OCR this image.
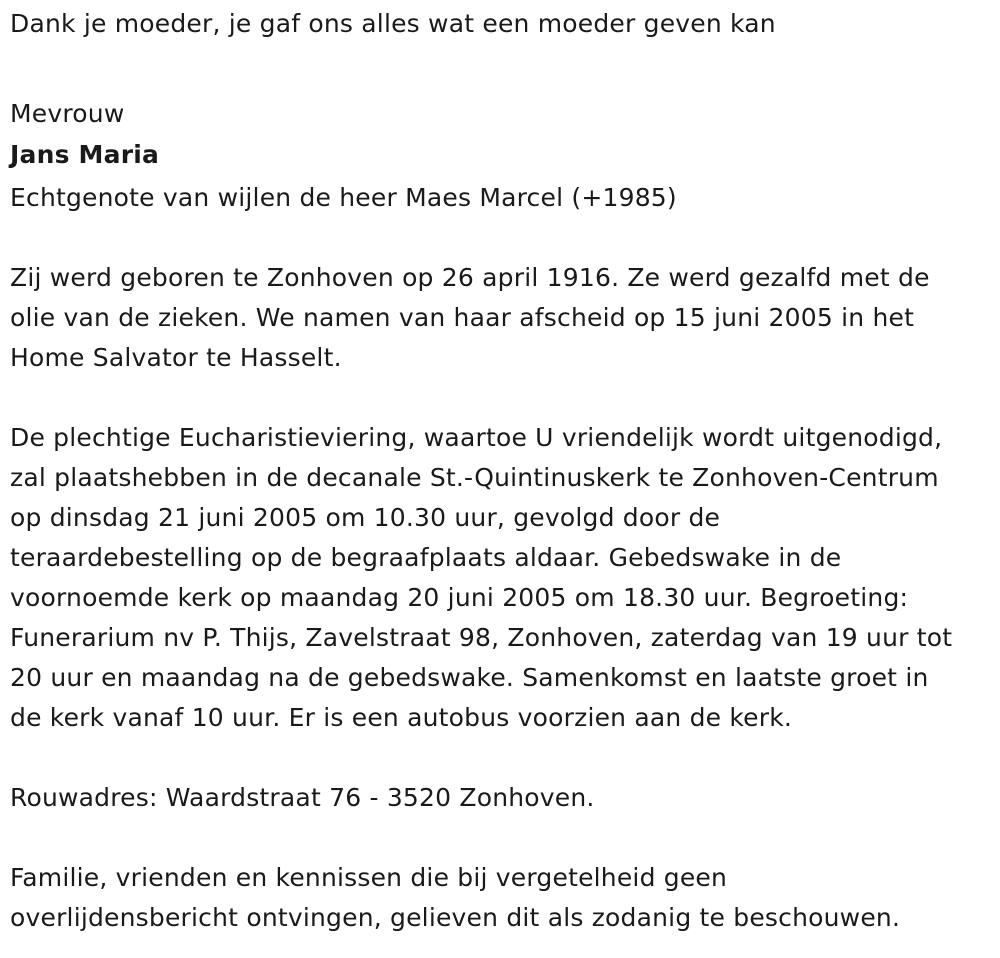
Dank je moeder, je gaf ons alles wat een moeder geven kan

Mevrouw

Jans Maria

Echtgenote van wijlen de heer Maes Marcel (+1985)

Zij werd geboren te Zonhoven op 26 april 1916. Ze werd gezalfd met de

olie van de zieken. We namen van haar afscheid op 15 juni 2005 in het

Home Salvator te Hasselt.

De plechtige Eucharistieviering, waartoe U vriendelijk wordt uitgenodigd,

zal plaatshebben in de decanale St.-Quintinuskerk te Zonhoven-Centrum

op dinsdag 21 juni 2005 om 10.30 uur, gevolgd door de

teraardebestelling op de begraafplaats aldaar. Gebedswake in de

voornoemde kerk op maandag 20 juni 2005 om 18.30 uur. Begroeting:

Funerarium nv P. Thijs, Zavelstraat 98, Zonhoven, zaterdag van 19 uur tot

20 uur en maandag na de gebedswake. Samenkomst en laatste groet in

de kerk vanaf 10 uur. Er is een autobus voorzien aan de kerk.

Rouwadres: Waardstraat 76 - 3520 Zonhoven.

Familie, vrienden en kennissen die bij vergetelheid geen

overlijdensbericht ontvingen, gelieven dit als zodanig te beschouwen.
